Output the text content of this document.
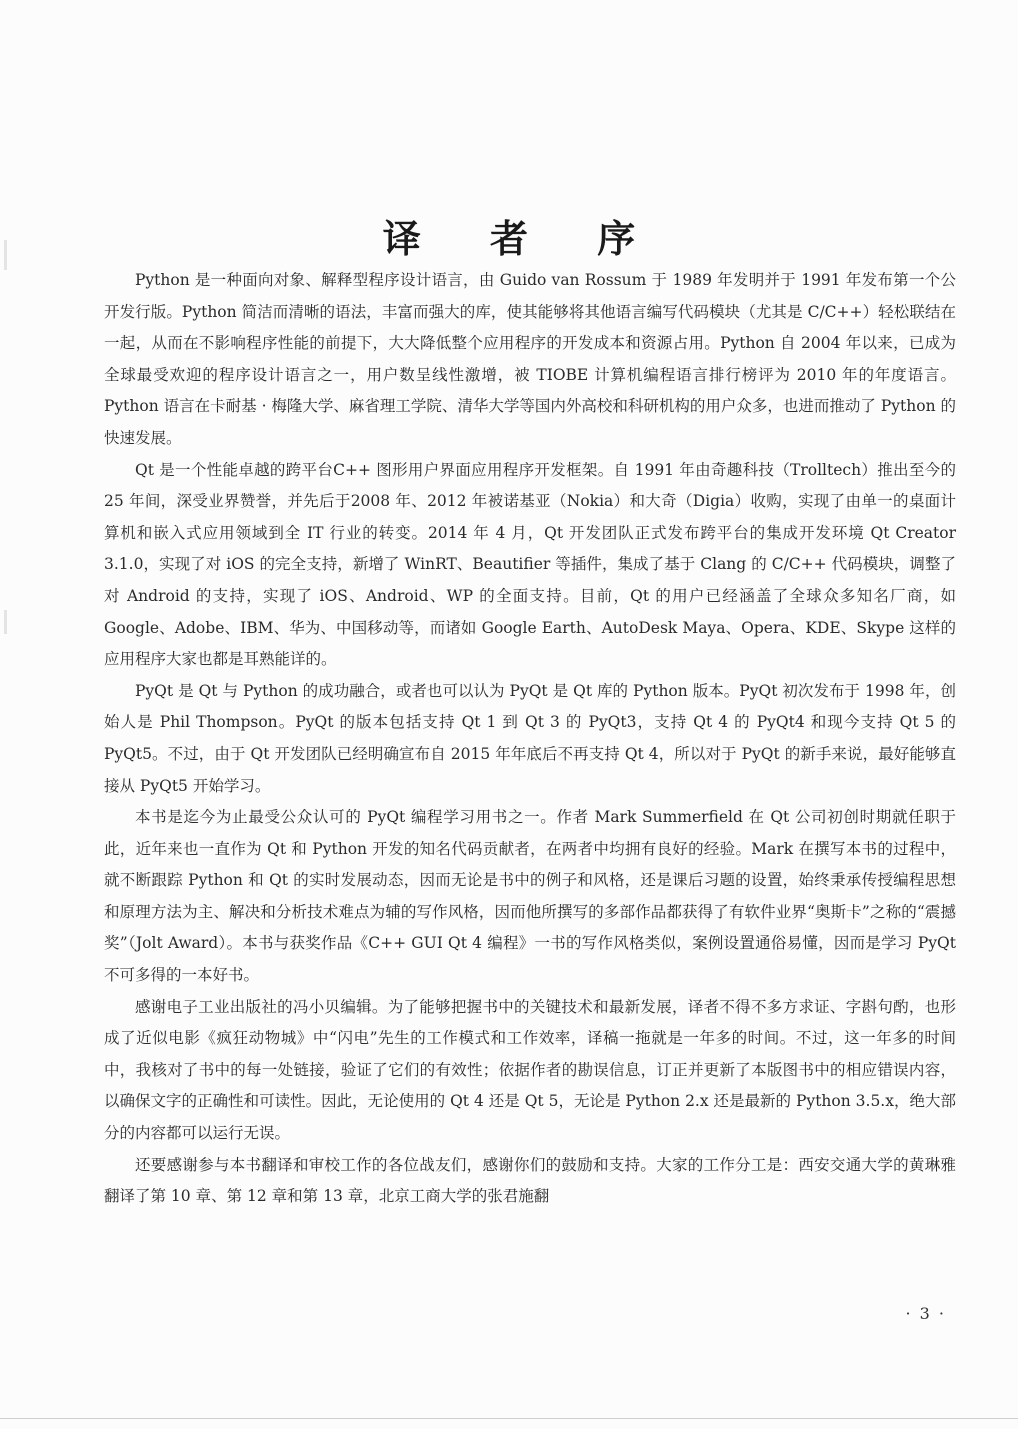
译 者 序

Python 是一种面向对象、解释型程序设计语言，由 Guido van Rossum 于 1989 年发明并于 1991 年发布第一个公开发行版。Python 简洁而清晰的语法，丰富而强大的库，使其能够将其他语言编写代码模块（尤其是 C/C++）轻松联结在一起，从而在不影响程序性能的前提下，大大降低整个应用程序的开发成本和资源占用。Python 自 2004 年以来，已成为全球最受欢迎的程序设计语言之一，用户数呈线性激增，被 TIOBE 计算机编程语言排行榜评为 2010 年的年度语言。Python 语言在卡耐基 · 梅隆大学、麻省理工学院、清华大学等国内外高校和科研机构的用户众多，也进而推动了 Python 的快速发展。

Qt 是一个性能卓越的跨平台C++ 图形用户界面应用程序开发框架。自 1991 年由奇趣科技（Trolltech）推出至今的25 年间，深受业界赞誉，并先后于2008 年、2012 年被诺基亚（Nokia）和大奇（Digia）收购，实现了由单一的桌面计算机和嵌入式应用领域到全 IT 行业的转变。2014 年 4 月，Qt 开发团队正式发布跨平台的集成开发环境 Qt Creator 3.1.0，实现了对 iOS 的完全支持，新增了 WinRT、Beautifier 等插件，集成了基于 Clang 的 C/C++ 代码模块，调整了对 Android 的支持，实现了 iOS、Android、WP 的全面支持。目前，Qt 的用户已经涵盖了全球众多知名厂商，如 Google、Adobe、IBM、华为、中国移动等，而诸如 Google Earth、AutoDesk Maya、Opera、KDE、Skype 这样的应用程序大家也都是耳熟能详的。

PyQt 是 Qt 与 Python 的成功融合，或者也可以认为 PyQt 是 Qt 库的 Python 版本。PyQt 初次发布于 1998 年，创始人是 Phil Thompson。PyQt 的版本包括支持 Qt 1 到 Qt 3 的 PyQt3，支持 Qt 4 的 PyQt4 和现今支持 Qt 5 的 PyQt5。不过，由于 Qt 开发团队已经明确宣布自 2015 年年底后不再支持 Qt 4，所以对于 PyQt 的新手来说，最好能够直接从 PyQt5 开始学习。

本书是迄今为止最受公众认可的 PyQt 编程学习用书之一。作者 Mark Summerfield 在 Qt 公司初创时期就任职于此，近年来也一直作为 Qt 和 Python 开发的知名代码贡献者，在两者中均拥有良好的经验。Mark 在撰写本书的过程中，就不断跟踪 Python 和 Qt 的实时发展动态，因而无论是书中的例子和风格，还是课后习题的设置，始终秉承传授编程思想和原理方法为主、解决和分析技术难点为辅的写作风格，因而他所撰写的多部作品都获得了有软件业界“奥斯卡”之称的“震撼奖”（Jolt Award）。本书与获奖作品《C++ GUI Qt 4 编程》一书的写作风格类似，案例设置通俗易懂，因而是学习 PyQt 不可多得的一本好书。

感谢电子工业出版社的冯小贝编辑。为了能够把握书中的关键技术和最新发展，译者不得不多方求证、字斟句酌，也形成了近似电影《疯狂动物城》中“闪电”先生的工作模式和工作效率，译稿一拖就是一年多的时间。不过，这一年多的时间中，我核对了书中的每一处链接，验证了它们的有效性；依据作者的勘误信息，订正并更新了本版图书中的相应错误内容，以确保文字的正确性和可读性。因此，无论使用的 Qt 4 还是 Qt 5，无论是 Python 2.x 还是最新的 Python 3.5.x，绝大部分的内容都可以运行无误。

还要感谢参与本书翻译和审校工作的各位战友们，感谢你们的鼓励和支持。大家的工作分工是：西安交通大学的黄琳雅翻译了第 10 章、第 12 章和第 13 章，北京工商大学的张君施翻

· 3 ·
